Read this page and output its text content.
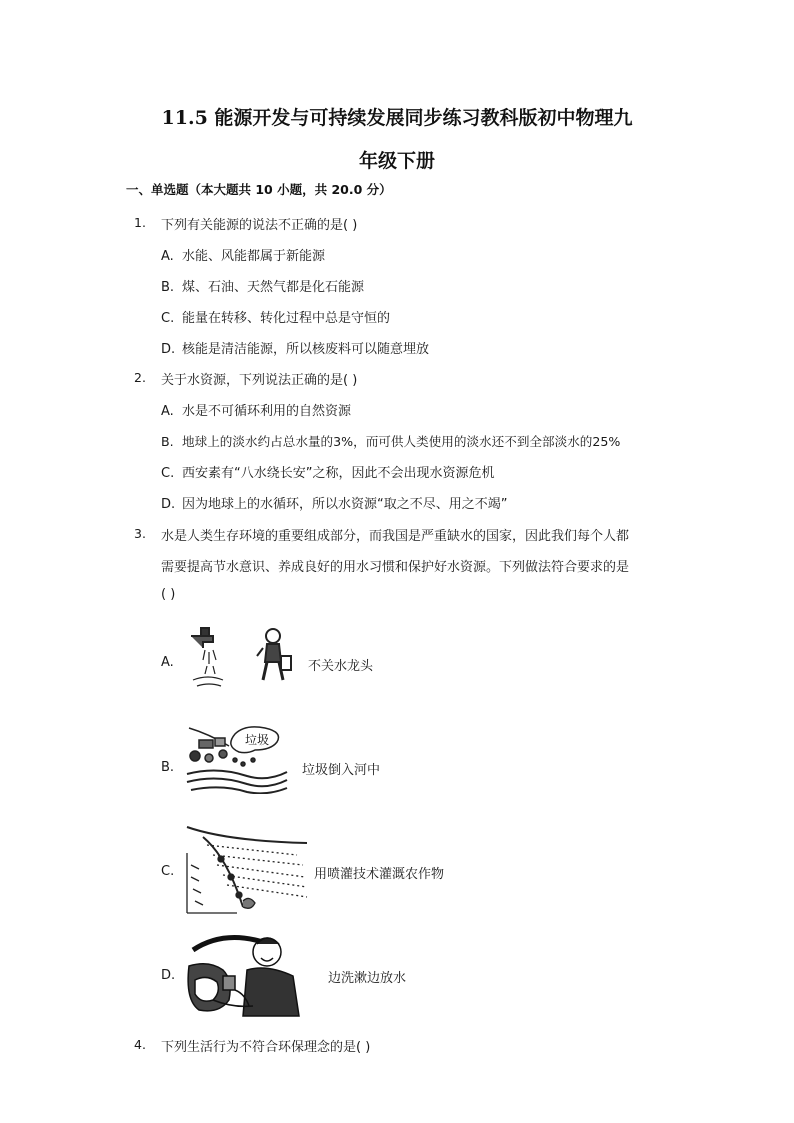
11.5 能源开发与可持续发展同步练习教科版初中物理九
年级下册
一、单选题（本大题共 10 小题，共 20.0 分）
1. 下列有关能源的说法不正确的是( )
A. 水能、风能都属于新能源
B. 煤、石油、天然气都是化石能源
C. 能量在转移、转化过程中总是守恒的
D. 核能是清洁能源，所以核废料可以随意埋放
2. 关于水资源，下列说法正确的是( )
A. 水是不可循环利用的自然资源
B. 地球上的淡水约占总水量的3%，而可供人类使用的淡水还不到全部淡水的25%
C. 西安素有“八水绕长安”之称，因此不会出现水资源危机
D. 因为地球上的水循环，所以水资源“取之不尽、用之不竭”
3. 水是人类生存环境的重要组成部分，而我国是严重缺水的国家，因此我们每个人都
需要提高节水意识、养成良好的用水习惯和保护好水资源。下列做法符合要求的是
( )
A.	不关水龙头
B.
垃圾
垃圾倒入河中
C.	用喷灌技术灌溉农作物
D.	边洗漱边放水
4. 下列生活行为不符合环保理念的是( )
